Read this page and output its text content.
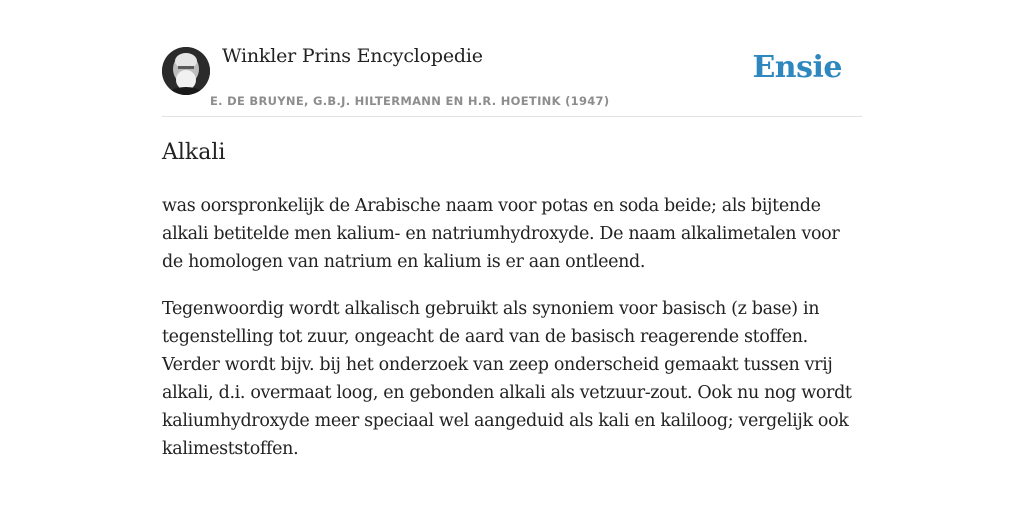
Winkler Prins Encyclopedie
E. DE BRUYNE, G.B.J. HILTERMANN EN H.R. HOETINK (1947)
Ensie
Alkali

was oorspronkelijk de Arabische naam voor potas en soda beide; als bijtende alkali betitelde men kalium- en natriumhydroxyde. De naam alkalimetalen voor de homologen van natrium en kalium is er aan ontleend.

Tegenwoordig wordt alkalisch gebruikt als synoniem voor basisch (z base) in tegenstelling tot zuur, ongeacht de aard van de basisch reagerende stoffen. Verder wordt bijv. bij het onderzoek van zeep onderscheid gemaakt tussen vrij alkali, d.i. overmaat loog, en gebonden alkali als vetzuur-zout. Ook nu nog wordt kaliumhydroxyde meer speciaal wel aangeduid als kali en kaliloog; vergelijk ook kalimeststoffen.
